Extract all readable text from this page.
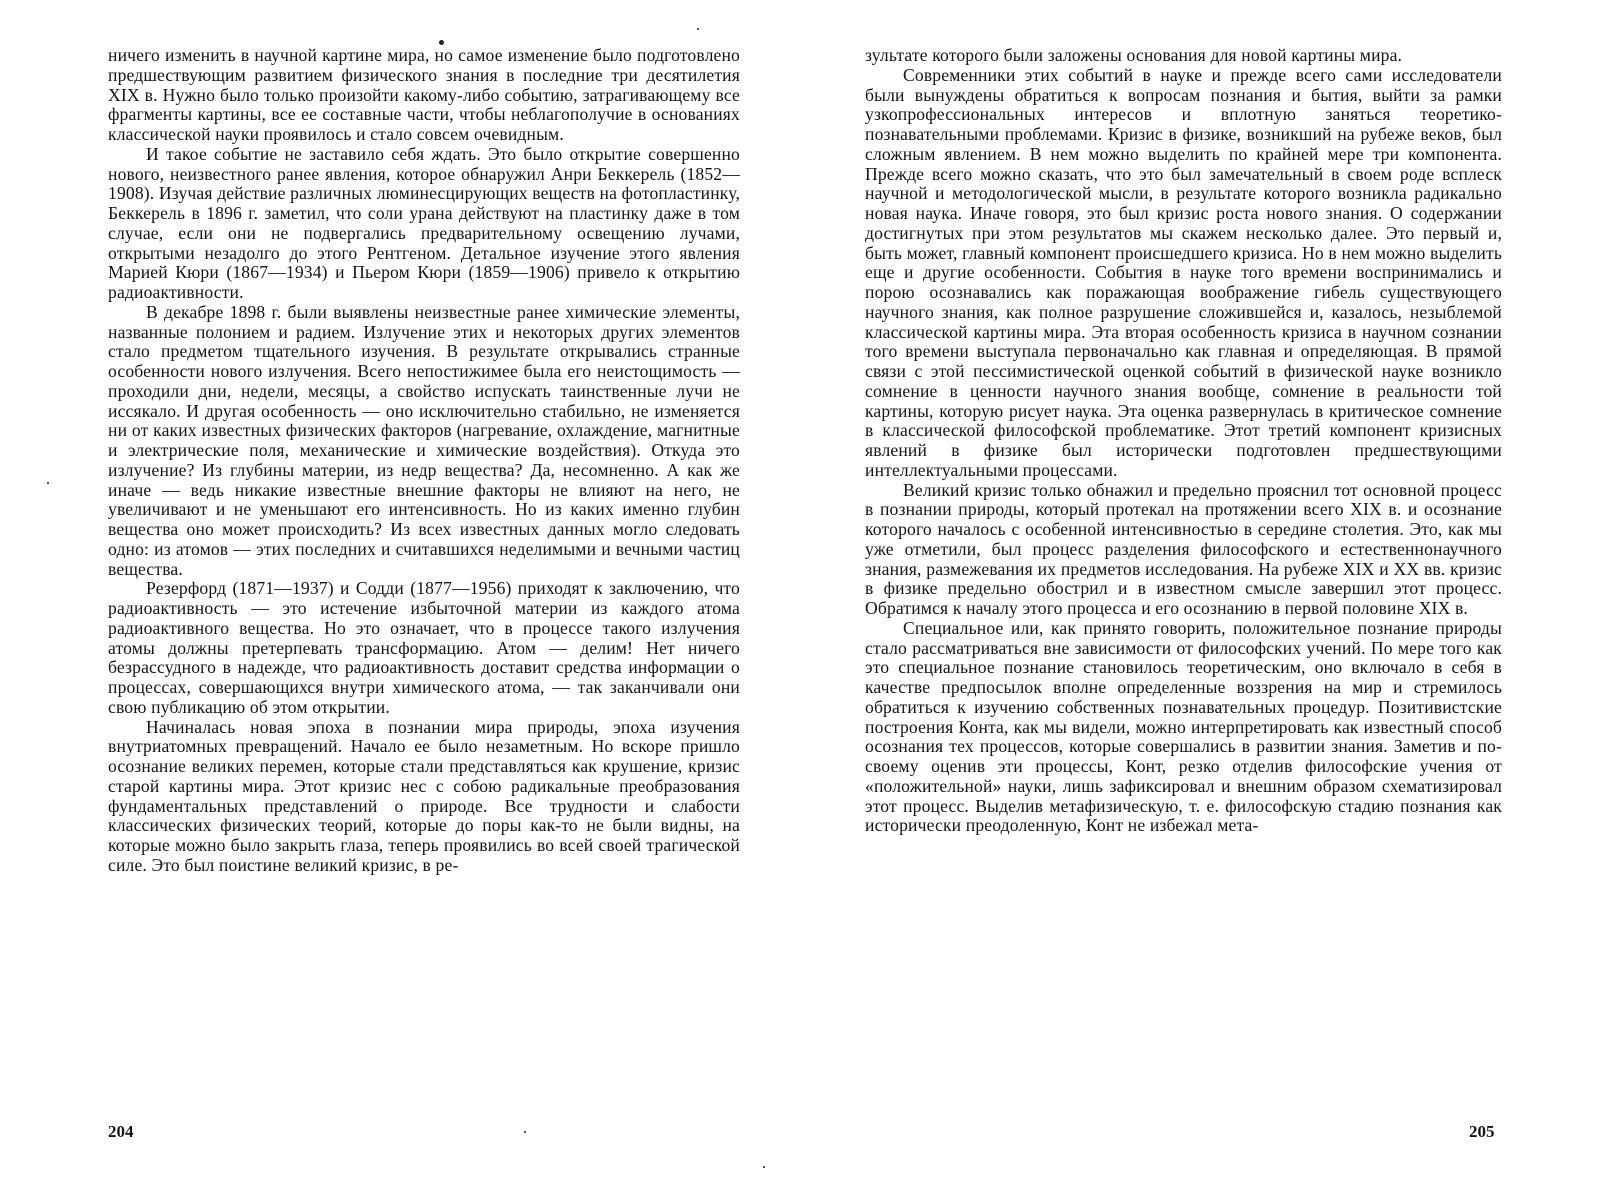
ничего изменить в научной картине мира, но самое изменение было подготовлено предшествующим развитием физического знания в последние три десятилетия XIX в. Нужно было только произойти какому-либо событию, затрагивающему все фрагменты картины, все ее составные части, чтобы неблагополучие в основаниях классической науки проявилось и стало совсем очевидным.

И такое событие не заставило себя ждать. Это было открытие совершенно нового, неизвестного ранее явления, которое обнаружил Анри Беккерель (1852—1908). Изучая действие различных люминесцирующих веществ на фотопластинку, Беккерель в 1896 г. заметил, что соли урана действуют на пластинку даже в том случае, если они не подвергались предварительному освещению лучами, открытыми незадолго до этого Рентгеном. Детальное изучение этого явления Марией Кюри (1867—1934) и Пьером Кюри (1859—1906) привело к открытию радиоактивности.

В декабре 1898 г. были выявлены неизвестные ранее химические элементы, названные полонием и радием. Излучение этих и некоторых других элементов стало предметом тщательного изучения. В результате открывались странные особенности нового излучения. Всего непостижимее была его неистощимость — проходили дни, недели, месяцы, а свойство испускать таинственные лучи не иссякало. И другая особенность — оно исключительно стабильно, не изменяется ни от каких известных физических факторов (нагревание, охлаждение, магнитные и электрические поля, механические и химические воздействия). Откуда это излучение? Из глубины материи, из недр вещества? Да, несомненно. А как же иначе — ведь никакие известные внешние факторы не влияют на него, не увеличивают и не уменьшают его интенсивность. Но из каких именно глубин вещества оно может происходить? Из всех известных данных могло следовать одно: из атомов — этих последних и считавшихся неделимыми и вечными частиц вещества.

Резерфорд (1871—1937) и Содди (1877—1956) приходят к заключению, что радиоактивность — это истечение избыточной материи из каждого атома радиоактивного вещества. Но это означает, что в процессе такого излучения атомы должны претерпевать трансформацию. Атом — делим! Нет ничего безрассудного в надежде, что радиоактивность доставит средства информации о процессах, совершающихся внутри химического атома, — так заканчивали они свою публикацию об этом открытии.

Начиналась новая эпоха в познании мира природы, эпоха изучения внутриатомных превращений. Начало ее было незаметным. Но вскоре пришло осознание великих перемен, которые стали представляться как крушение, кризис старой картины мира. Этот кризис нес с собою радикальные преобразования фундаментальных представлений о природе. Все трудности и слабости классических физических теорий, которые до поры как-то не были видны, на которые можно было закрыть глаза, теперь проявились во всей своей трагической силе. Это был поистине великий кризис, в ре-

204

зультате которого были заложены основания для новой картины мира.

Современники этих событий в науке и прежде всего сами исследователи были вынуждены обратиться к вопросам познания и бытия, выйти за рамки узкопрофессиональных интересов и вплотную заняться теоретико-познавательными проблемами. Кризис в физике, возникший на рубеже веков, был сложным явлением. В нем можно выделить по крайней мере три компонента. Прежде всего можно сказать, что это был замечательный в своем роде всплеск научной и методологической мысли, в результате которого возникла радикально новая наука. Иначе говоря, это был кризис роста нового знания. О содержании достигнутых при этом результатов мы скажем несколько далее. Это первый и, быть может, главный компонент происшедшего кризиса. Но в нем можно выделить еще и другие особенности. События в науке того времени воспринимались и порою осознавались как поражающая воображение гибель существующего научного знания, как полное разрушение сложившейся и, казалось, незыблемой классической картины мира. Эта вторая особенность кризиса в научном сознании того времени выступала первоначально как главная и определяющая. В прямой связи с этой пессимистической оценкой событий в физической науке возникло сомнение в ценности научного знания вообще, сомнение в реальности той картины, которую рисует наука. Эта оценка развернулась в критическое сомнение в классической философской проблематике. Этот третий компонент кризисных явлений в физике был исторически подготовлен предшествующими интеллектуальными процессами.

Великий кризис только обнажил и предельно прояснил тот основной процесс в познании природы, который протекал на протяжении всего XIX в. и осознание которого началось с особенной интенсивностью в середине столетия. Это, как мы уже отметили, был процесс разделения философского и естественнонаучного знания, размежевания их предметов исследования. На рубеже XIX и XX вв. кризис в физике предельно обострил и в известном смысле завершил этот процесс. Обратимся к началу этого процесса и его осознанию в первой половине XIX в.

Специальное или, как принято говорить, положительное познание природы стало рассматриваться вне зависимости от философских учений. По мере того как это специальное познание становилось теоретическим, оно включало в себя в качестве предпосылок вполне определенные воззрения на мир и стремилось обратиться к изучению собственных познавательных процедур. Позитивистские построения Конта, как мы видели, можно интерпретировать как известный способ осознания тех процессов, которые совершались в развитии знания. Заметив и по-своему оценив эти процессы, Конт, резко отделив философские учения от «положительной» науки, лишь зафиксировал и внешним образом схематизировал этот процесс. Выделив метафизическую, т. е. философскую стадию познания как исторически преодоленную, Конт не избежал мета-

205
